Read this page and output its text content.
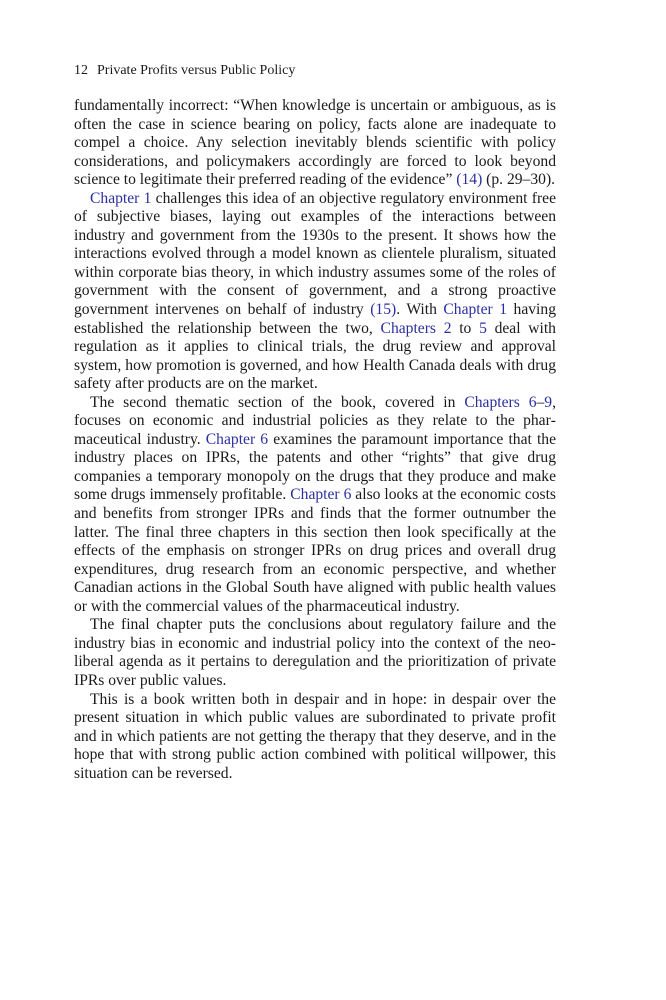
12 Private Profits versus Public Policy

fundamentally incorrect: “When knowledge is uncertain or ambiguous, as is often the case in science bearing on policy, facts alone are inadequate to compel a choice. Any selection inevitably blends scientific with policy considerations, and policymakers accordingly are forced to look beyond science to legitimate their preferred reading of the evidence” (14) (p. 29–30).

Chapter 1 challenges this idea of an objective regulatory environment free of subjective biases, laying out examples of the interactions between industry and government from the 1930s to the present. It shows how the interactions evolved through a model known as clientele pluralism, situated within corporate bias theory, in which industry assumes some of the roles of government with the consent of government, and a strong proactive government intervenes on behalf of industry (15). With Chapter 1 having established the relationship between the two, Chapters 2 to 5 deal with regulation as it applies to clinical trials, the drug review and approval system, how promotion is governed, and how Health Canada deals with drug safety after products are on the market.

The second thematic section of the book, covered in Chapters 6–9, focuses on economic and industrial policies as they relate to the pharmaceutical industry. Chapter 6 examines the paramount importance that the industry places on IPRs, the patents and other “rights” that give drug companies a temporary monopoly on the drugs that they produce and make some drugs immensely profitable. Chapter 6 also looks at the economic costs and benefits from stronger IPRs and finds that the former outnumber the latter. The final three chapters in this section then look specifically at the effects of the emphasis on stronger IPRs on drug prices and overall drug expenditures, drug research from an economic perspective, and whether Canadian actions in the Global South have aligned with public health values or with the commercial values of the pharmaceutical industry.

The final chapter puts the conclusions about regulatory failure and the industry bias in economic and industrial policy into the context of the neo-liberal agenda as it pertains to deregulation and the prioritization of private IPRs over public values.

This is a book written both in despair and in hope: in despair over the present situation in which public values are subordinated to private profit and in which patients are not getting the therapy that they deserve, and in the hope that with strong public action combined with political willpower, this situation can be reversed.
